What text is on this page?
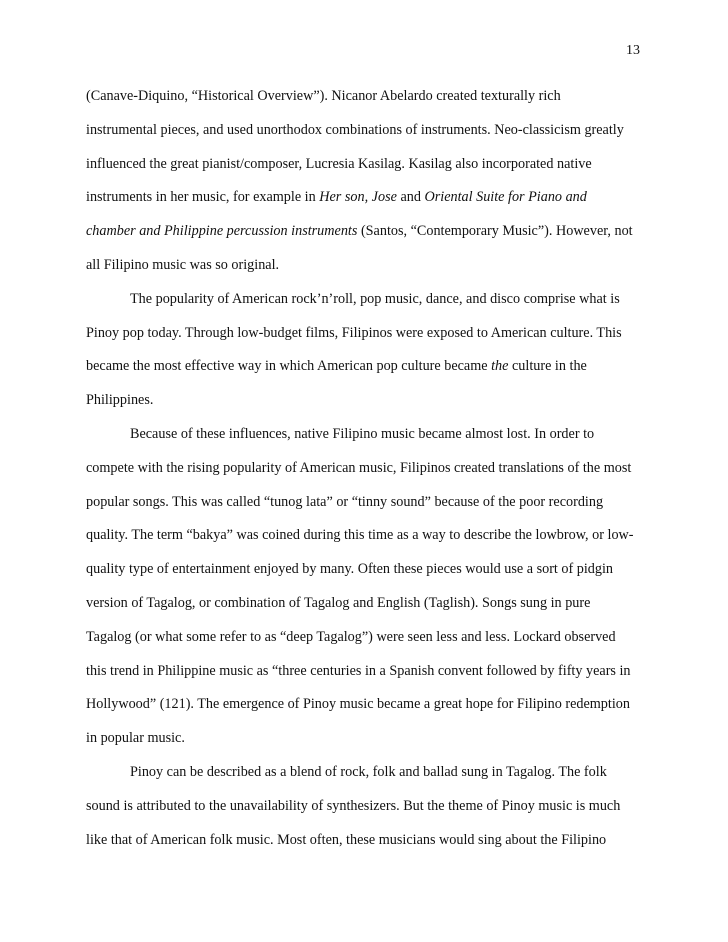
13
(Canave-Diquino, “Historical Overview”). Nicanor Abelardo created texturally rich
instrumental pieces, and used unorthodox combinations of instruments. Neo-classicism greatly
influenced the great pianist/composer, Lucresia Kasilag. Kasilag also incorporated native
instruments in her music, for example in Her son, Jose and Oriental Suite for Piano and
chamber and Philippine percussion instruments (Santos, “Contemporary Music”). However, not
all Filipino music was so original.
The popularity of American rock’n’roll, pop music, dance, and disco comprise what is
Pinoy pop today. Through low-budget films, Filipinos were exposed to American culture. This
became the most effective way in which American pop culture became the culture in the
Philippines.
Because of these influences, native Filipino music became almost lost. In order to
compete with the rising popularity of American music, Filipinos created translations of the most
popular songs. This was called “tunog lata” or “tinny sound” because of the poor recording
quality. The term “bakya” was coined during this time as a way to describe the lowbrow, or low-
quality type of entertainment enjoyed by many. Often these pieces would use a sort of pidgin
version of Tagalog, or combination of Tagalog and English (Taglish). Songs sung in pure
Tagalog (or what some refer to as “deep Tagalog”) were seen less and less. Lockard observed
this trend in Philippine music as “three centuries in a Spanish convent followed by fifty years in
Hollywood” (121). The emergence of Pinoy music became a great hope for Filipino redemption
in popular music.
Pinoy can be described as a blend of rock, folk and ballad sung in Tagalog. The folk
sound is attributed to the unavailability of synthesizers. But the theme of Pinoy music is much
like that of American folk music. Most often, these musicians would sing about the Filipino
